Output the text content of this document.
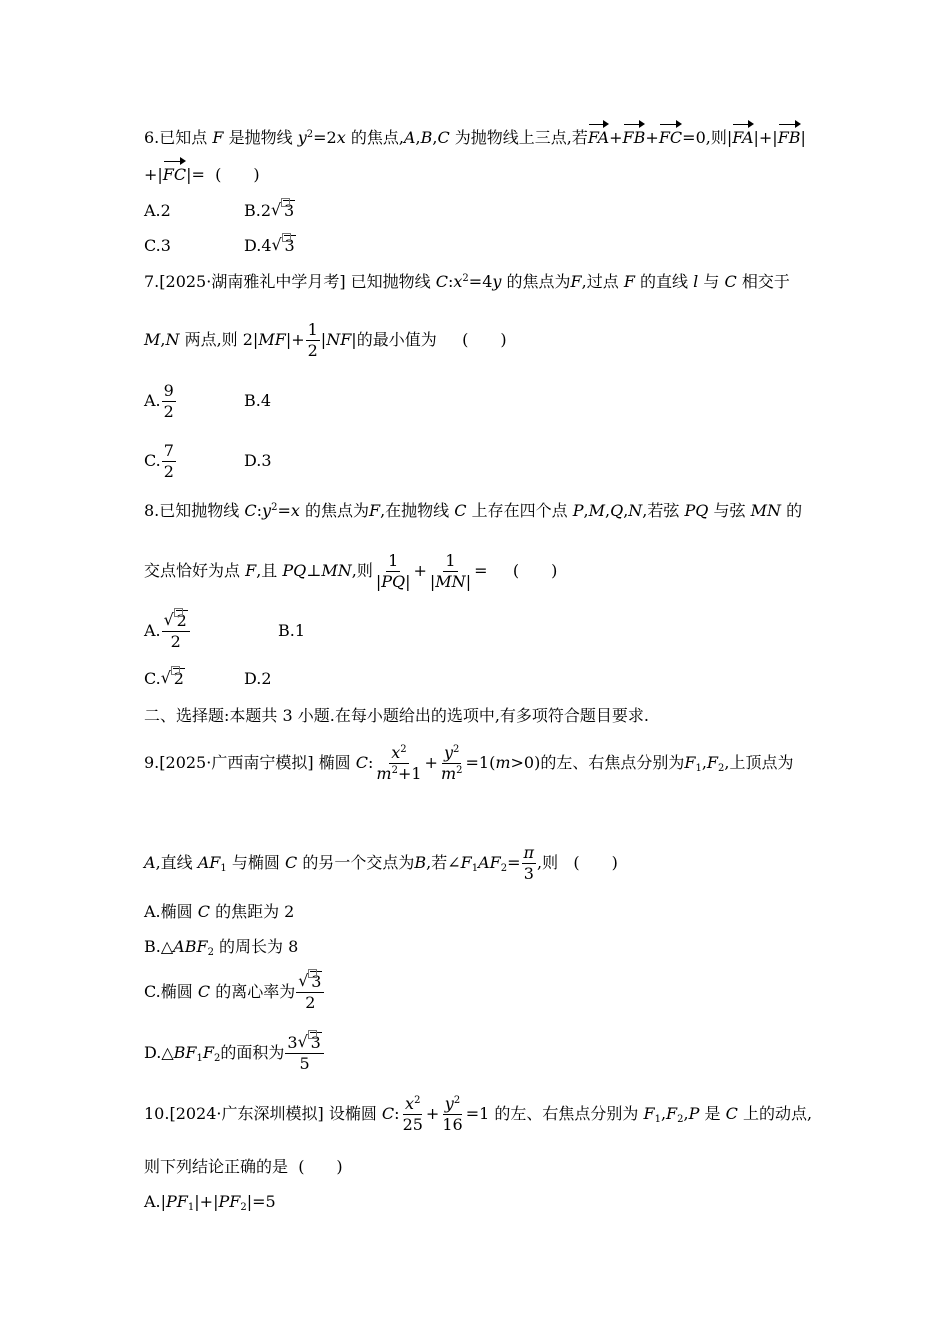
6.已知点 F 是抛物线 $y^2=2x$ 的焦点,A,B,C 为抛物线上三点,若FA+FB+FC=0,则|FA|+|FB|
+|FC|= (　　)
A.2	B.2 √ 3
C.3	D.4 √ 3
7.[2025·湖南雅礼中学月考] 已知抛物线 $C:x^2=4y$ 的焦点为F,过点 F 的直线 l 与 C 相交于
M,N 两点,则 $2|MF|+ \frac{1}{2} |NF|$的最小值为 (　　)
A. $\frac{9}{2}$	B.4
C. $\frac{7}{2}$	D.3
8.已知抛物线 $C:y^2=x$ 的焦点为F,在抛物线 C 上存在四个点 P,M,Q,N,若弦 PQ 与弦 MN 的
交点恰好为点 F,且 PQ⊥MN,则 $\frac{1}{|PQ|} + \frac{1}{|MN|}$ = (　　)
A. √ $\frac{2}{2}$	B.1
C. √ 2	D.2
二、选择题:本题共 3 小题.在每小题给出的选项中,有多项符合题目要求.
9.[2025·广西南宁模拟] 椭圆 C: $\frac{x^2}{m^2+1} + \frac{y^2}{m^2} =1(m>0)$的左、右焦点分别为$F_1,F_2$,上顶点为
A,直线 $AF_1$ 与椭圆 C 的另一个交点为B,若$\angle F_1AF_2= \frac{\pi}{3}$ ,则 (　　)
A.椭圆 C 的焦距为 2
$B.\triangle ABF_2$ 的周长为 8
C.椭圆 C 的离心率为 √ $\frac{3}{2}$
$D.\triangle BF_1F_2$的面积为 $\frac{3 √ 3}{5}$
10.[2024·广东深圳模拟] 设椭圆 C: $\frac{x^2}{25} + \frac{y^2}{16} =1$ 的左、右焦点分别为 $F_1,F_2,P$ 是 C 上的动点,
则下列结论正确的是 (　　)
$A.|PF_1|+|PF_2|=5$
